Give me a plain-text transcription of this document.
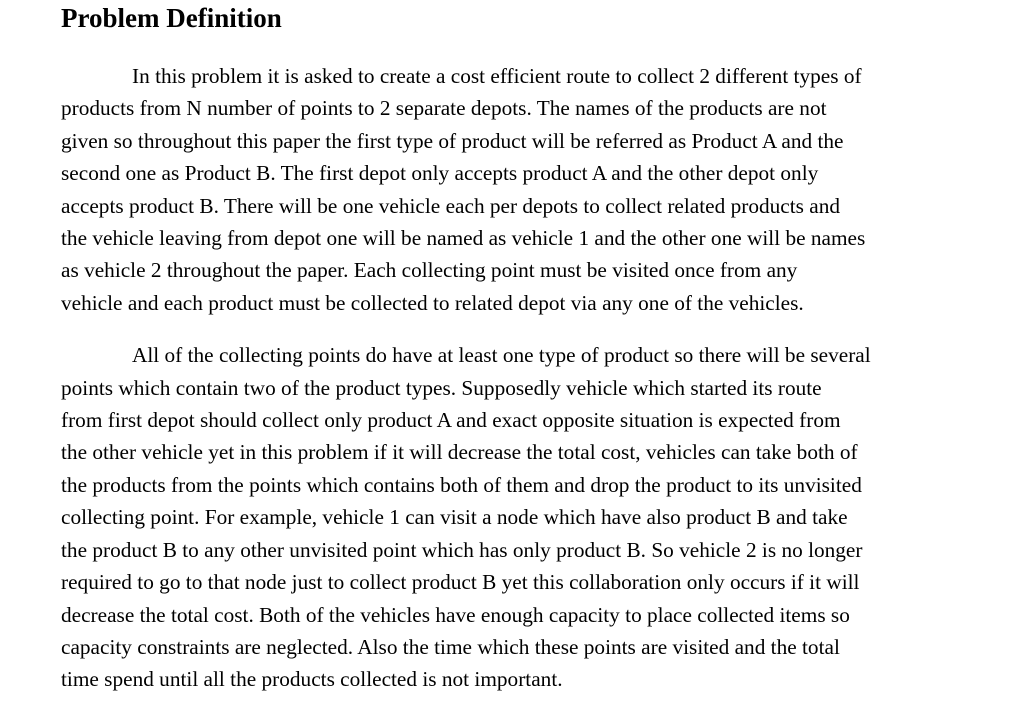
Problem Definition

In this problem it is asked to create a cost efficient route to collect 2 different types of
products from N number of points to 2 separate depots. The names of the products are not
given so throughout this paper the first type of product will be referred as Product A and the
second one as Product B. The first depot only accepts product A and the other depot only
accepts product B. There will be one vehicle each per depots to collect related products and
the vehicle leaving from depot one will be named as vehicle 1 and the other one will be names
as vehicle 2 throughout the paper. Each collecting point must be visited once from any
vehicle and each product must be collected to related depot via any one of the vehicles.

All of the collecting points do have at least one type of product so there will be several
points which contain two of the product types. Supposedly vehicle which started its route
from first depot should collect only product A and exact opposite situation is expected from
the other vehicle yet in this problem if it will decrease the total cost, vehicles can take both of
the products from the points which contains both of them and drop the product to its unvisited
collecting point. For example, vehicle 1 can visit a node which have also product B and take
the product B to any other unvisited point which has only product B. So vehicle 2 is no longer
required to go to that node just to collect product B yet this collaboration only occurs if it will
decrease the total cost. Both of the vehicles have enough capacity to place collected items so
capacity constraints are neglected. Also the time which these points are visited and the total
time spend until all the products collected is not important.
